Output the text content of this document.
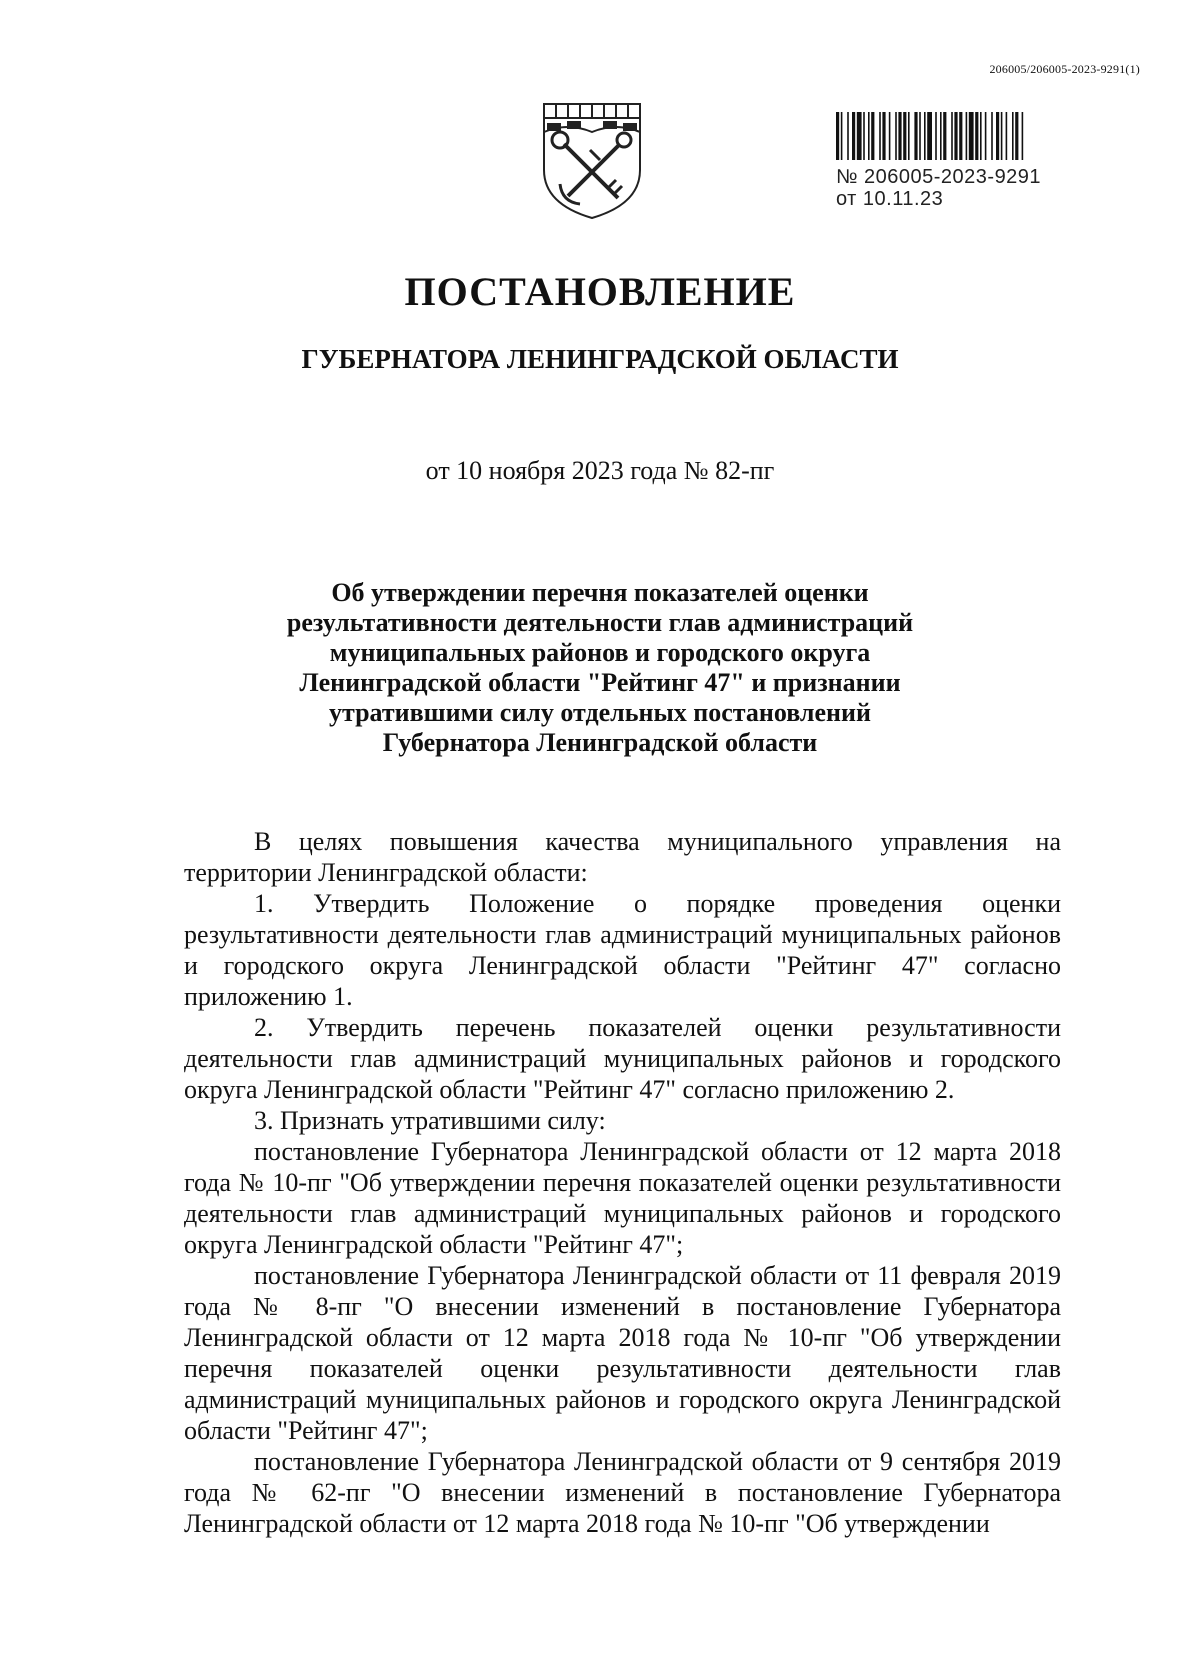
206005/206005-2023-9291(1)
№ 206005-2023-9291
от 10.11.23
ПОСТАНОВЛЕНИЕ
ГУБЕРНАТОРА ЛЕНИНГРАДСКОЙ ОБЛАСТИ
от 10 ноября 2023 года № 82-пг
Об утверждении перечня показателей оценки
результативности деятельности глав администраций
муниципальных районов и городского округа
Ленинградской области "Рейтинг 47" и признании
утратившими силу отдельных постановлений
Губернатора Ленинградской области

В целях повышения качества муниципального управления на территории Ленинградской области:

1. Утвердить Положение о порядке проведения оценки результативности деятельности глав администраций муниципальных районов и городского округа Ленинградской области "Рейтинг 47" согласно приложению 1.

2. Утвердить перечень показателей оценки результативности деятельности глав администраций муниципальных районов и городского округа Ленинградской области "Рейтинг 47" согласно приложению 2.

3. Признать утратившими силу:

постановление Губернатора Ленинградской области от 12 марта 2018 года № 10-пг "Об утверждении перечня показателей оценки результативности деятельности глав администраций муниципальных районов и городского округа Ленинградской области "Рейтинг 47";

постановление Губернатора Ленинградской области от 11 февраля 2019 года № 8-пг "О внесении изменений в постановление Губернатора Ленинградской области от 12 марта 2018 года № 10-пг "Об утверждении перечня показателей оценки результативности деятельности глав администраций муниципальных районов и городского округа Ленинградской области "Рейтинг 47";

постановление Губернатора Ленинградской области от 9 сентября 2019 года № 62-пг "О внесении изменений в постановление Губернатора Ленинградской области от 12 марта 2018 года № 10-пг "Об утверждении
